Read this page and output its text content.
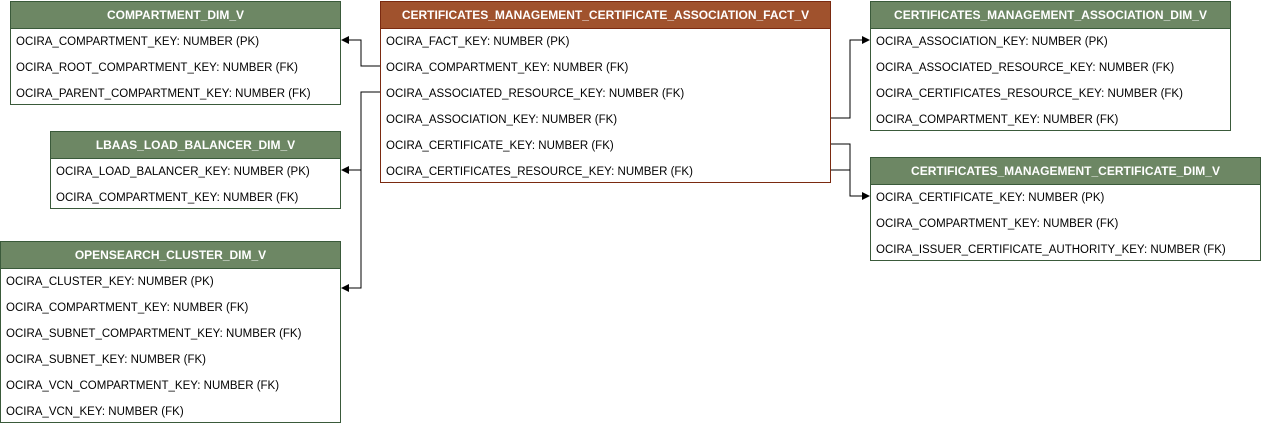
CERTIFICATES_MANAGEMENT_CERTIFICATE_ASSOCIATION_FACT_V
OCIRA_FACT_KEY: NUMBER (PK)
OCIRA_COMPARTMENT_KEY: NUMBER (FK)
OCIRA_ASSOCIATED_RESOURCE_KEY: NUMBER (FK)
OCIRA_ASSOCIATION_KEY: NUMBER (FK)
OCIRA_CERTIFICATE_KEY: NUMBER (FK)
OCIRA_CERTIFICATES_RESOURCE_KEY: NUMBER (FK)
COMPARTMENT_DIM_V
OCIRA_COMPARTMENT_KEY: NUMBER (PK)
OCIRA_ROOT_COMPARTMENT_KEY: NUMBER (FK)
OCIRA_PARENT_COMPARTMENT_KEY: NUMBER (FK)
LBAAS_LOAD_BALANCER_DIM_V
OCIRA_LOAD_BALANCER_KEY: NUMBER (PK)
OCIRA_COMPARTMENT_KEY: NUMBER (FK)
OPENSEARCH_CLUSTER_DIM_V
OCIRA_CLUSTER_KEY: NUMBER (PK)
OCIRA_COMPARTMENT_KEY: NUMBER (FK)
OCIRA_SUBNET_COMPARTMENT_KEY: NUMBER (FK)
OCIRA_SUBNET_KEY: NUMBER (FK)
OCIRA_VCN_COMPARTMENT_KEY: NUMBER (FK)
OCIRA_VCN_KEY: NUMBER (FK)
CERTIFICATES_MANAGEMENT_ASSOCIATION_DIM_V
OCIRA_ASSOCIATION_KEY: NUMBER (PK)
OCIRA_ASSOCIATED_RESOURCE_KEY: NUMBER (FK)
OCIRA_CERTIFICATES_RESOURCE_KEY: NUMBER (FK)
OCIRA_COMPARTMENT_KEY: NUMBER (FK)
CERTIFICATES_MANAGEMENT_CERTIFICATE_DIM_V
OCIRA_CERTIFICATE_KEY: NUMBER (PK)
OCIRA_COMPARTMENT_KEY: NUMBER (FK)
OCIRA_ISSUER_CERTIFICATE_AUTHORITY_KEY: NUMBER (FK)
